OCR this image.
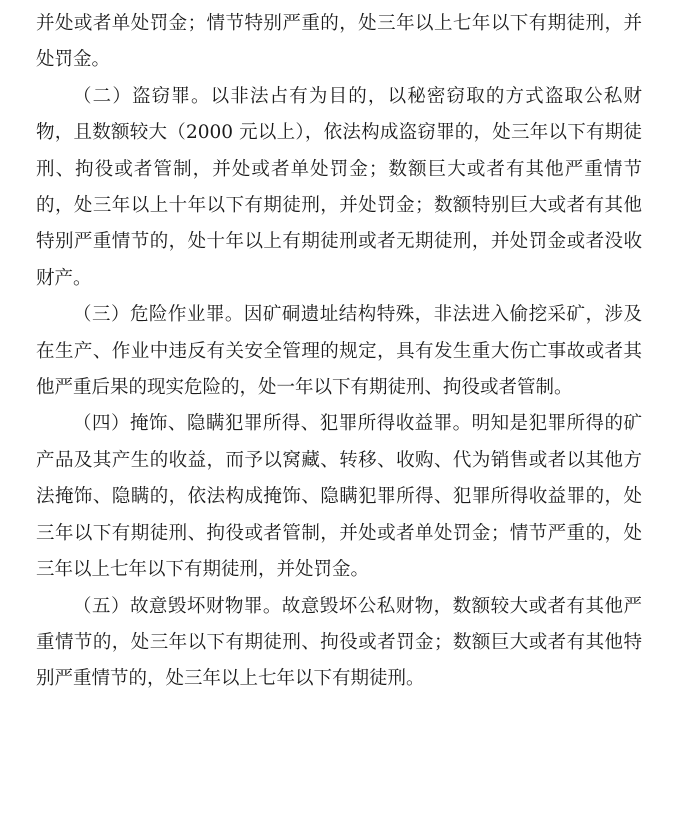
并处或者单处罚金；情节特别严重的，处三年以上七年以下有期徒刑，并处罚金。

（二）盗窃罪。以非法占有为目的，以秘密窃取的方式盗取公私财物，且数额较大（2000 元以上），依法构成盗窃罪的，处三年以下有期徒刑、拘役或者管制，并处或者单处罚金；数额巨大或者有其他严重情节的，处三年以上十年以下有期徒刑，并处罚金；数额特别巨大或者有其他特别严重情节的，处十年以上有期徒刑或者无期徒刑，并处罚金或者没收财产。

（三）危险作业罪。因矿硐遗址结构特殊，非法进入偷挖采矿，涉及在生产、作业中违反有关安全管理的规定，具有发生重大伤亡事故或者其他严重后果的现实危险的，处一年以下有期徒刑、拘役或者管制。

（四）掩饰、隐瞒犯罪所得、犯罪所得收益罪。明知是犯罪所得的矿产品及其产生的收益，而予以窝藏、转移、收购、代为销售或者以其他方法掩饰、隐瞒的，依法构成掩饰、隐瞒犯罪所得、犯罪所得收益罪的，处三年以下有期徒刑、拘役或者管制，并处或者单处罚金；情节严重的，处三年以上七年以下有期徒刑，并处罚金。

（五）故意毁坏财物罪。故意毁坏公私财物，数额较大或者有其他严重情节的，处三年以下有期徒刑、拘役或者罚金；数额巨大或者有其他特别严重情节的，处三年以上七年以下有期徒刑。
